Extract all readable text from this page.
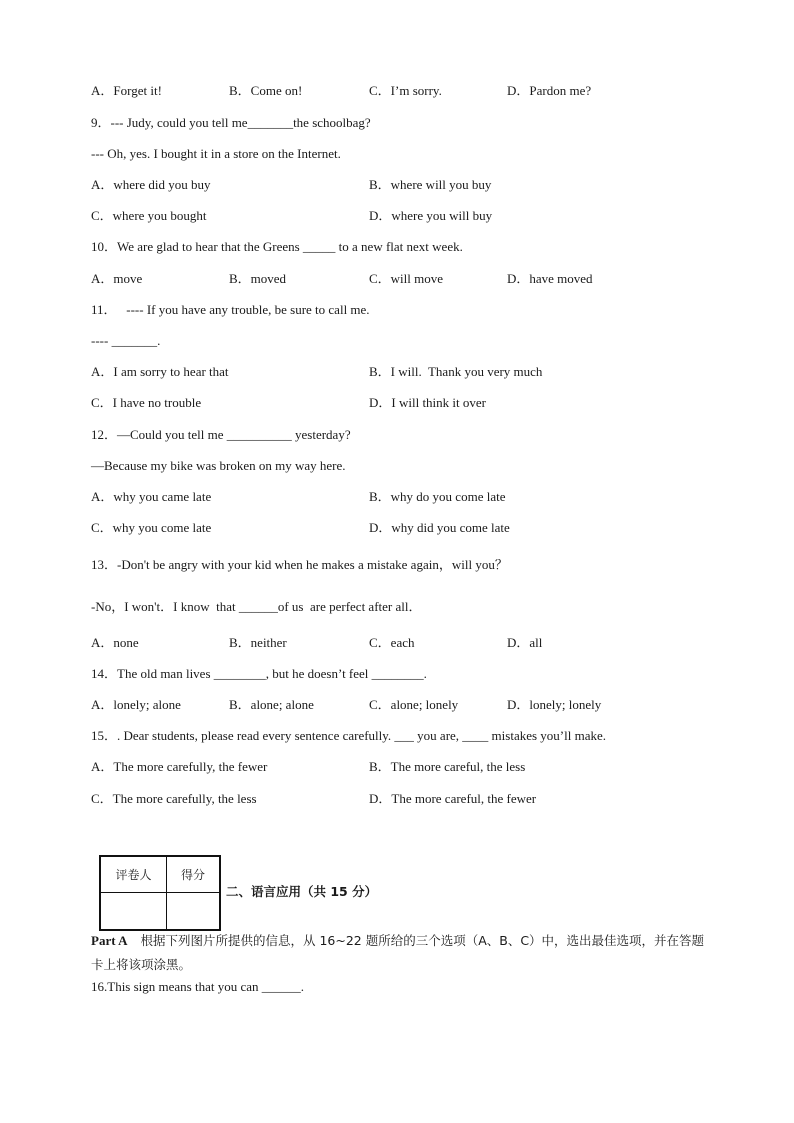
A．Forget it!	B．Come on!	C．I’m sorry.	D．Pardon me?
9．--- Judy, could you tell me_______the schoolbag?
--- Oh, yes. I bought it in a store on the Internet.
A．where did you buy	B．where will you buy
C．where you bought	D．where you will buy
10．We are glad to hear that the Greens _____ to a new flat next week.
A．move	B．moved	C．will move	D．have moved
11．   ---- If you have any trouble, be sure to call me.
---- _______.
A．I am sorry to hear that	B．I will.  Thank you very much
C．I have no trouble	D．I will think it over
12．—Could you tell me __________ yesterday?
—Because my bike was broken on my way here.
A．why you came late	B．why do you come late
C．why you come late	D．why did you come late
13．-Don't be angry with your kid when he makes a mistake again，will you？
-No，I won't．I know  that ______of us  are perfect after all．
A．none	B．neither	C．each	D．all
14．The old man lives ________, but he doesn’t feel ________.
A．lonely; alone	B．alone; alone	C．alone; lonely	D．lonely; lonely
15．. Dear students, please read every sentence carefully. ___ you are, ____ mistakes you’ll make.
A．The more carefully, the fewer	B．The more careful, the less
C．The more carefully, the less	D．The more careful, the fewer
评卷人	得分

二、语言应用（共 15 分）
Part A 根据下列图片所提供的信息，从 16~22 题所给的三个选项（A、B、C）中，选出最佳选项，并在答题卡上将该项涂黑。
16.This sign means that you can ______.
